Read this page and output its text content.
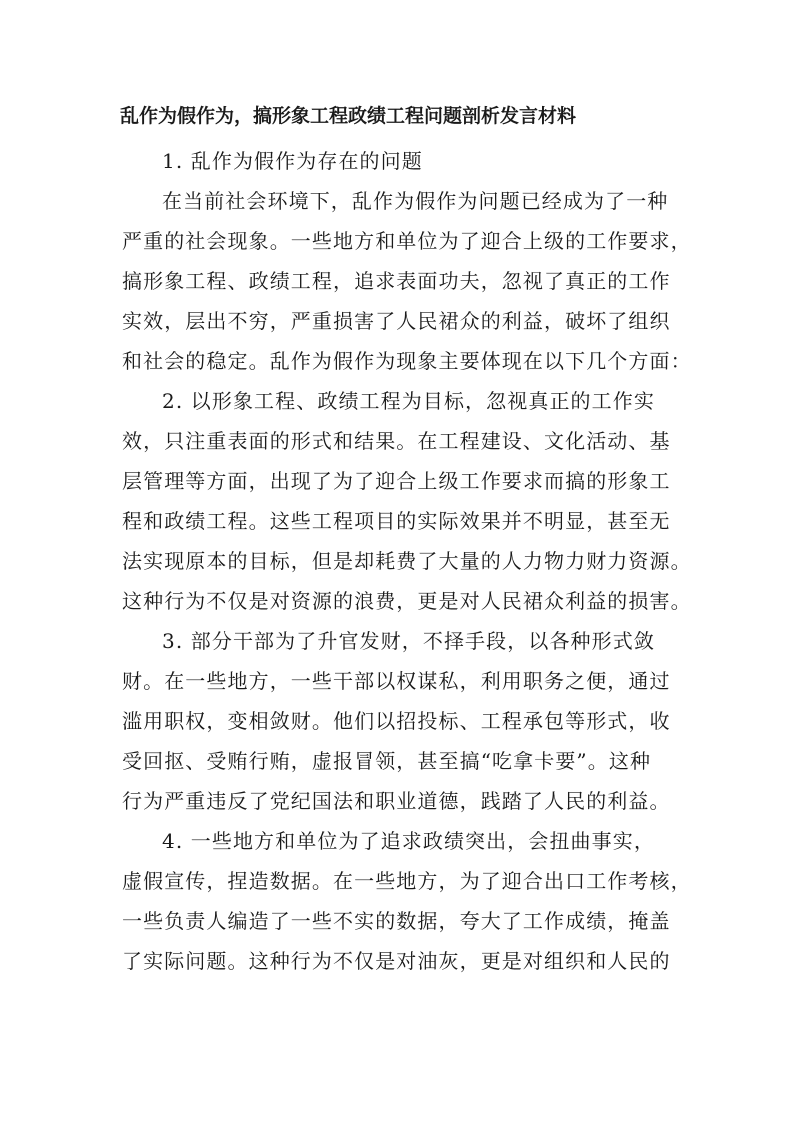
乱作为假作为，搞形象工程政绩工程问题剖析发言材料

1. 乱作为假作为存在的问题

在当前社会环境下，乱作为假作为问题已经成为了一种

严重的社会现象。一些地方和单位为了迎合上级的工作要求，

搞形象工程、政绩工程，追求表面功夫，忽视了真正的工作

实效，层出不穷，严重损害了人民裙众的利益，破坏了组织

和社会的稳定。乱作为假作为现象主要体现在以下几个方面：

2. 以形象工程、政绩工程为目标，忽视真正的工作实

效，只注重表面的形式和结果。在工程建设、文化活动、基

层管理等方面，出现了为了迎合上级工作要求而搞的形象工

程和政绩工程。这些工程项目的实际效果并不明显，甚至无

法实现原本的目标，但是却耗费了大量的人力物力财力资源。

这种行为不仅是对资源的浪费，更是对人民裙众利益的损害。

3. 部分干部为了升官发财，不择手段，以各种形式敛

财。在一些地方，一些干部以权谋私，利用职务之便，通过

滥用职权，变相敛财。他们以招投标、工程承包等形式，收

受回抠、受贿行贿，虚报冒领，甚至搞“吃拿卡要”。这种

行为严重违反了党纪国法和职业道德，践踏了人民的利益。

4. 一些地方和单位为了追求政绩突出，会扭曲事实，

虚假宣传，捏造数据。在一些地方，为了迎合出口工作考核，

一些负责人编造了一些不实的数据，夸大了工作成绩，掩盖

了实际问题。这种行为不仅是对油灰，更是对组织和人民的
